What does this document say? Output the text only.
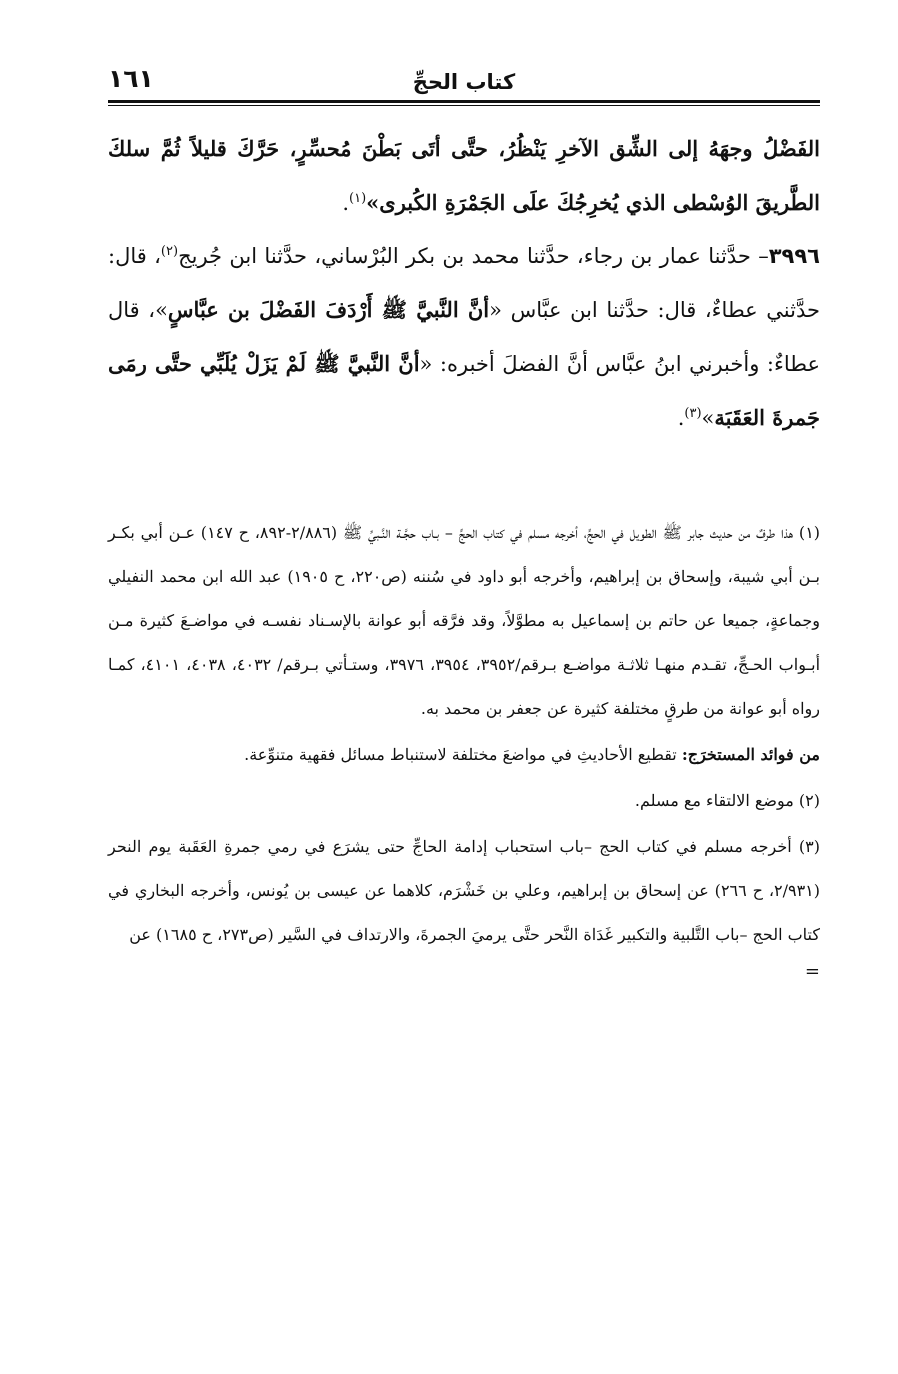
كتاب الحجِّ
١٦١

الفَضْلُ وجهَهُ إلى الشِّق الآخرِ يَنْظُرُ، حتَّى أتَى بَطْنَ مُحسِّرٍ، حَرَّكَ قليلاً ثُمَّ سلكَ الطَّريقَ الوُسْطى الذي يُخرِجُكَ علَى الجَمْرَةِ الكُبرى»$^{(١)}$.

٣٩٩٦– حدَّثنا عمار بن رجاء، حدَّثنا محمد بن بكر البُرْساني، حدَّثنا ابن جُريج$^{(٢)}$، قال: حدَّثني عطاءٌ، قال: حدَّثنا ابن عبَّاس «أنَّ النَّبيَّ ﷺ أَرْدَفَ الفَضْلَ بن عبَّاسٍ»، قال عطاءٌ: وأخبرني ابنُ عبَّاس أنَّ الفضلَ أخبره: «أنَّ النَّبيَّ ﷺ لَمْ يَزَلْ يُلَبِّي حتَّى رمَى جَمرةَ العَقَبَة»$^{(٣)}$.

(١) هذا طرفٌ من حديث جابر ﷺ الطويل في الحجِّ، أخرجه مسلم في كتاب الحجِّ – بـاب حجَّـة النَّـبيِّ ﷺ (٢/٨٨٦-٨٩٢، ح ١٤٧) عـن أبي بكـر بـن أبي شيبة، وإسحاق بن إبراهيم، وأخرجه أبو داود في سُننه (ص٢٢٠، ح ١٩٠٥) عبد الله ابن محمد النفيلي وجماعةٍ، جميعا عن حاتم بن إسماعيل به مطوَّلاً، وقد فرَّقه أبو عوانة بالإسـناد نفسـه في مواضـعَ كثيرة مـن أبـواب الحـجِّ، تقـدم منهـا ثلاثـة مواضـع بـرقم/٣٩٥٢، ٣٩٥٤، ٣٩٧٦، وستـأتي بـرقم/ ٤٠٣٢، ٤٠٣٨، ٤١٠١، كمـا رواه أبو عوانة من طرقٍ مختلفة كثيرة عن جعفر بن محمد به.

من فوائد المستخرَج: تقطيع الأحاديثِ في مواضعَ مختلفة لاستنباط مسائل فقهية متنوِّعة.

(٢) موضع الالتقاء مع مسلم.

(٣) أخرجه مسلم في كتاب الحج –باب استحباب إدامة الحاجِّ حتى يشرَع في رمي جمرةِ العَقَبة يوم النحر (٢/٩٣١، ح ٢٦٦) عن إسحاق بن إبراهيم، وعلي بن خَشْرَم، كلاهما عن عيسى بن يُونس، وأخرجه البخاري في كتاب الحج –باب التَّلبية والتكبير غَدَاة النَّحر حتَّى يرميَ الجمرةَ، والارتداف في السَّير (ص٢٧٣، ح ١٦٨٥) عن

=
